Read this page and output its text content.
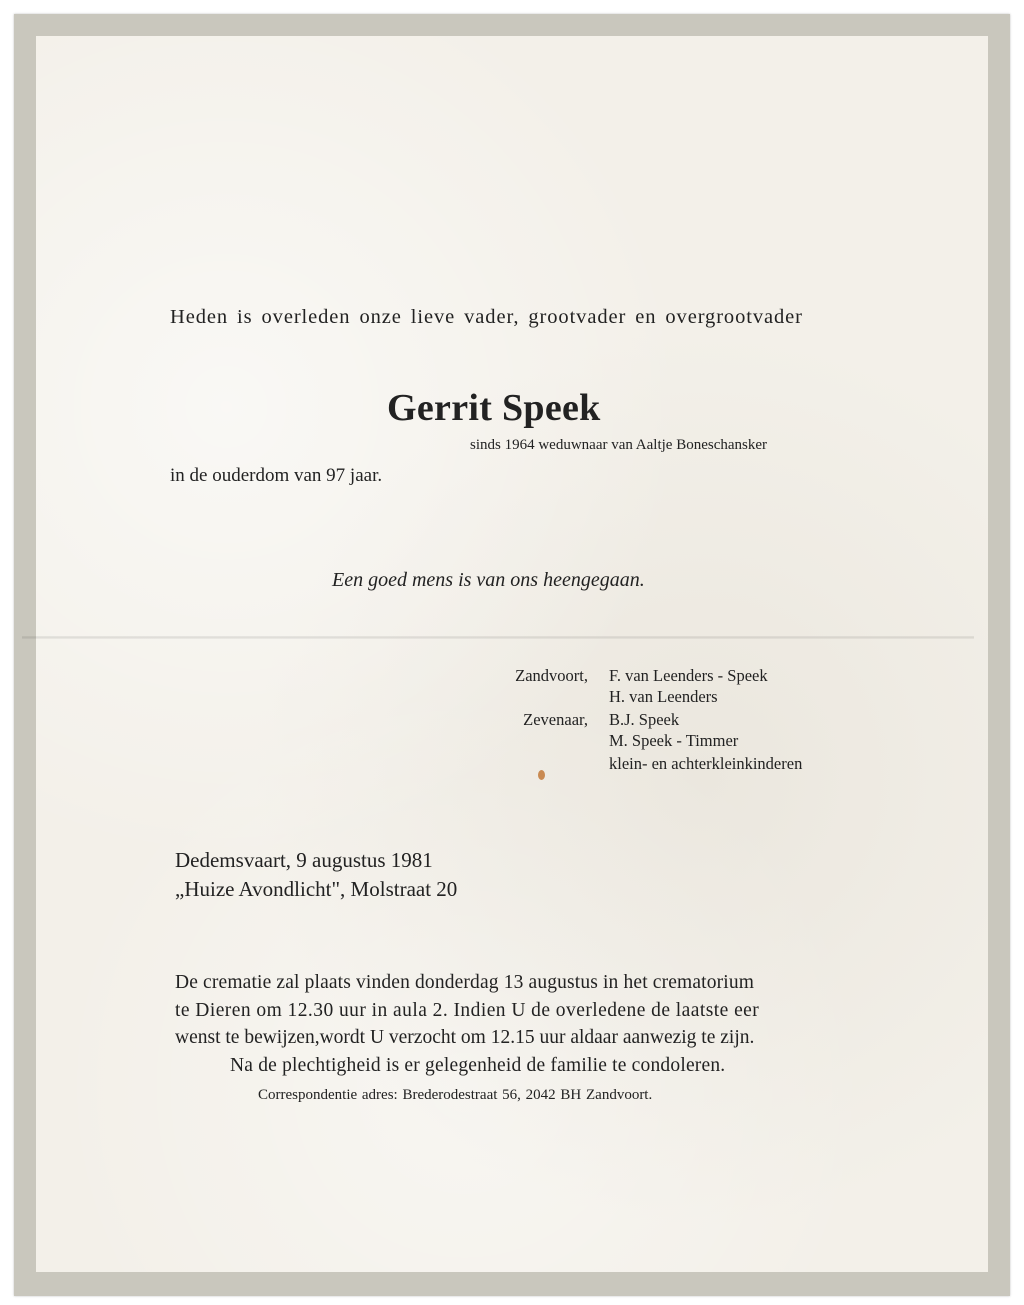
Heden is overleden onze lieve vader, grootvader en overgrootvader
Gerrit Speek
sinds 1964 weduwnaar van Aaltje Boneschansker
in de ouderdom van 97 jaar.
Een goed mens is van ons heengegaan.
Zandvoort, F. van Leenders - Speek
H. van Leenders
Zevenaar, B.J. Speek
M. Speek - Timmer
klein- en achterkleinkinderen
Dedemsvaart, 9 augustus 1981
„Huize Avondlicht", Molstraat 20
De crematie zal plaats vinden donderdag 13 augustus in het crematorium
te Dieren om 12.30 uur in aula 2. Indien U de overledene de laatste eer
wenst te bewijzen,wordt U verzocht om 12.15 uur aldaar aanwezig te zijn.
Na de plechtigheid is er gelegenheid de familie te condoleren.
Correspondentie adres: Brederodestraat 56, 2042 BH Zandvoort.
